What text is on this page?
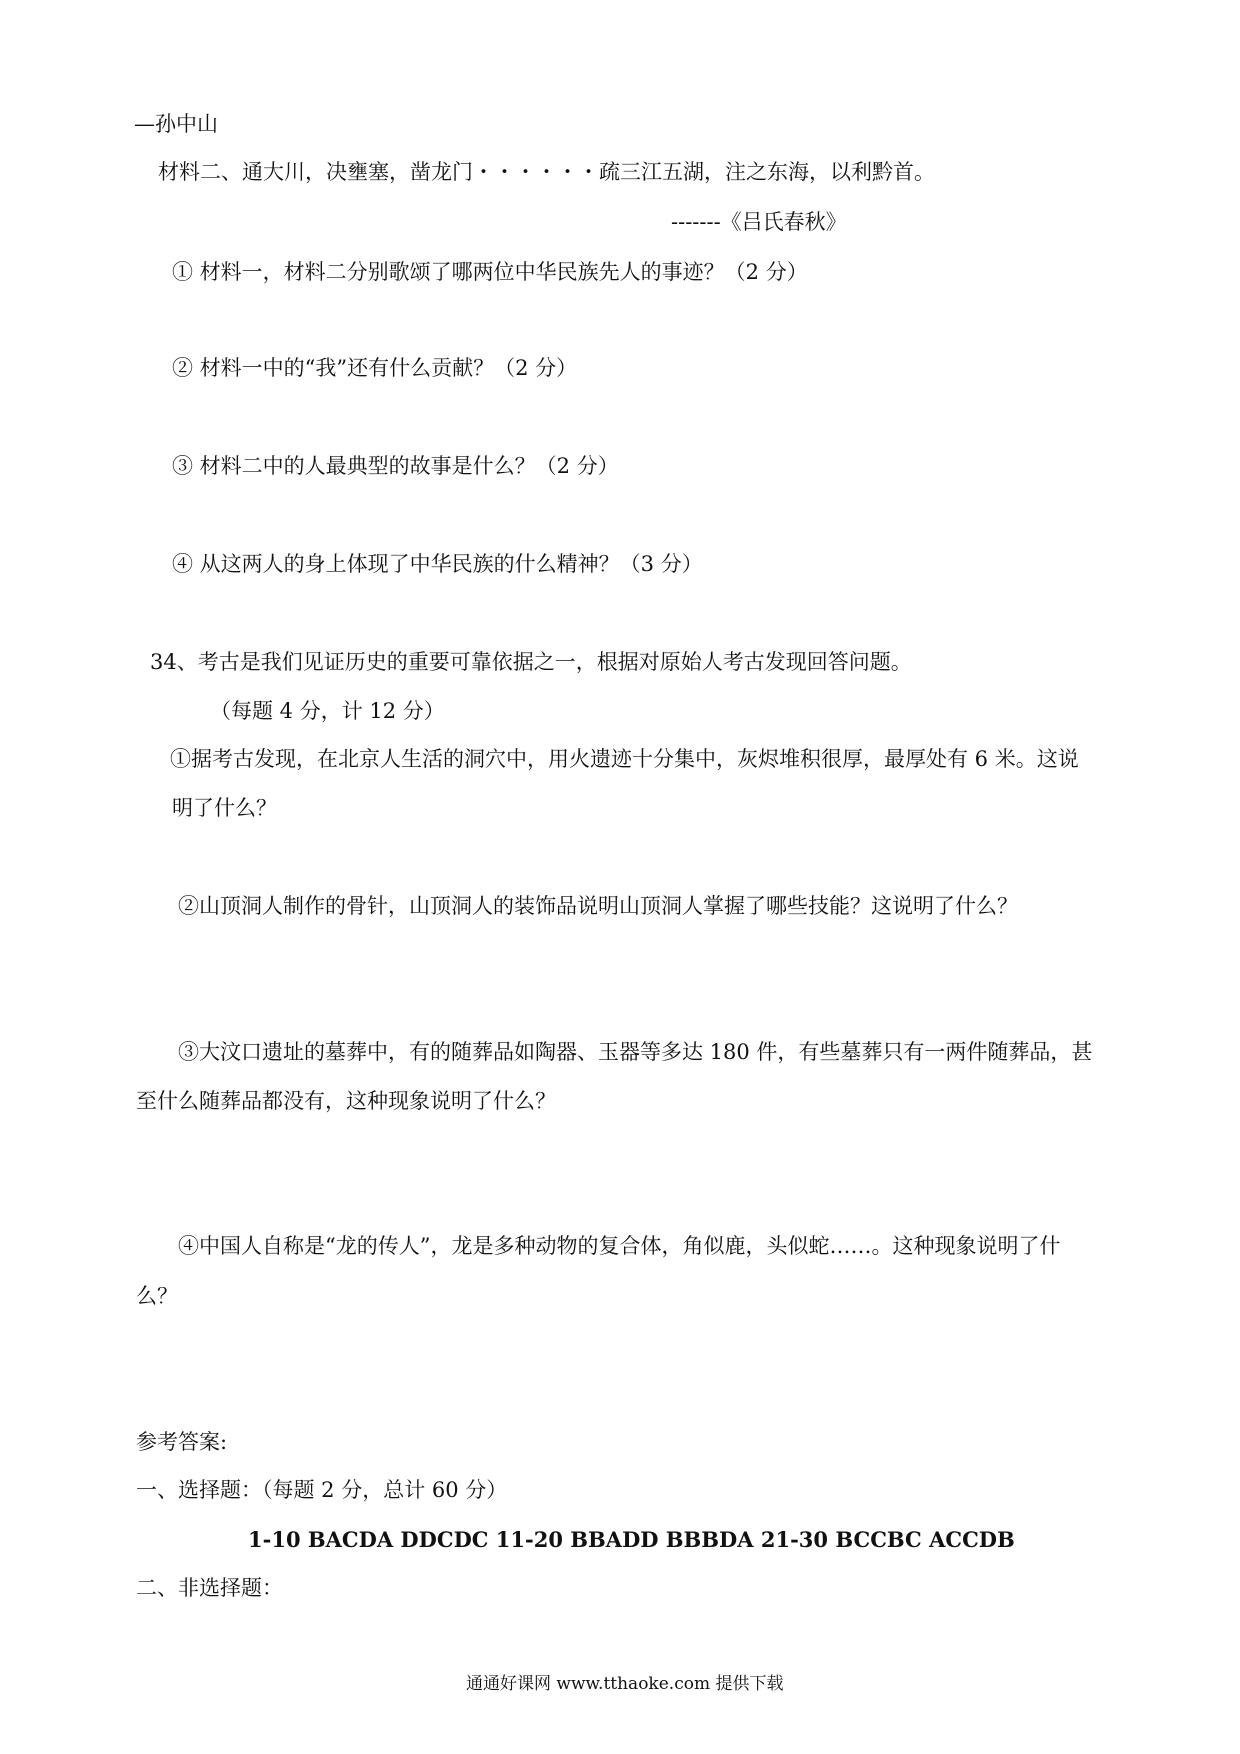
—孙中山
材料二、通大川，决壅塞，凿龙门・・・・・・疏三江五湖，注之东海，以利黔首。
-------《吕氏春秋》
① 材料一，材料二分别歌颂了哪两位中华民族先人的事迹？（2 分）
② 材料一中的“我”还有什么贡献？（2 分）
③ 材料二中的人最典型的故事是什么？（2 分）
④ 从这两人的身上体现了中华民族的什么精神？（3 分）
34、考古是我们见证历史的重要可靠依据之一，根据对原始人考古发现回答问题。
（每题 4 分，计 12 分）
①据考古发现，在北京人生活的洞穴中，用火遗迹十分集中，灰烬堆积很厚，最厚处有 6 米。这说
明了什么？
②山顶洞人制作的骨针，山顶洞人的装饰品说明山顶洞人掌握了哪些技能？这说明了什么？
③大汶口遗址的墓葬中，有的随葬品如陶器、玉器等多达 180 件，有些墓葬只有一两件随葬品，甚
至什么随葬品都没有，这种现象说明了什么？
④中国人自称是“龙的传人”，龙是多种动物的复合体，角似鹿，头似蛇……。这种现象说明了什
么？
参考答案:
一、选择题：（每题 2 分，总计 60 分）
1-10 BACDA DDCDC 11-20 BBADD BBBDA 21-30 BCCBC ACCDB
二、非选择题：
通通好课网 www.tthaoke.com 提供下载
